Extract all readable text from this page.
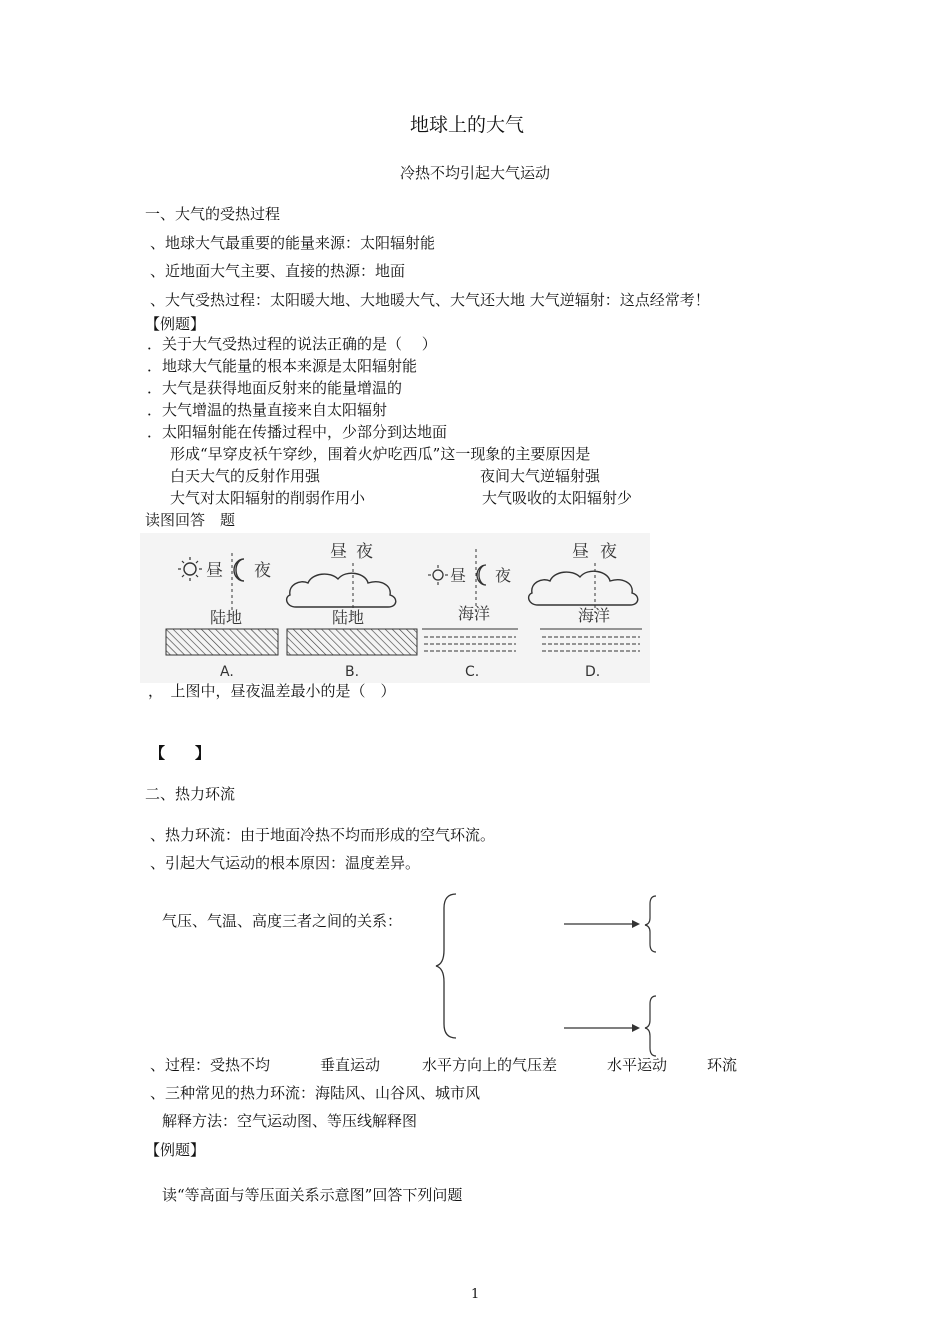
地球上的大气
冷热不均引起大气运动
一、大气的受热过程
、地球大气最重要的能量来源：太阳辐射能
、近地面大气主要、直接的热源：地面
、大气受热过程：太阳暖大地、大地暖大气、大气还大地 大气逆辐射：这点经常考！
【例题】
．关于大气受热过程的说法正确的是（　 ）
．地球大气能量的根本来源是太阳辐射能
．大气是获得地面反射来的能量增温的
．大气增温的热量直接来自太阳辐射
．太阳辐射能在传播过程中，少部分到达地面
形成“早穿皮袄午穿纱，围着火炉吃西瓜”这一现象的主要原因是
白天大气的反射作用强	夜间大气逆辐射强
大气对太阳辐射的削弱作用小	大气吸收的太阳辐射少
读图回答　题
昼 夜
陆地
A.
昼 夜
陆地
B.
昼 夜
海洋
C.
昼 夜
海洋
D.
，　上图中，昼夜温差最小的是（　）
【　　】
二、热力环流
、热力环流：由于地面冷热不均而形成的空气环流。
、引起大气运动的根本原因：温度差异。
气压、气温、高度三者之间的关系：
、过程：受热不均	垂直运动	水平方向上的气压差	水平运动	环流
、三种常见的热力环流：海陆风、山谷风、城市风
解释方法：空气运动图、等压线解释图
【例题】
读“等高面与等压面关系示意图”回答下列问题
1
